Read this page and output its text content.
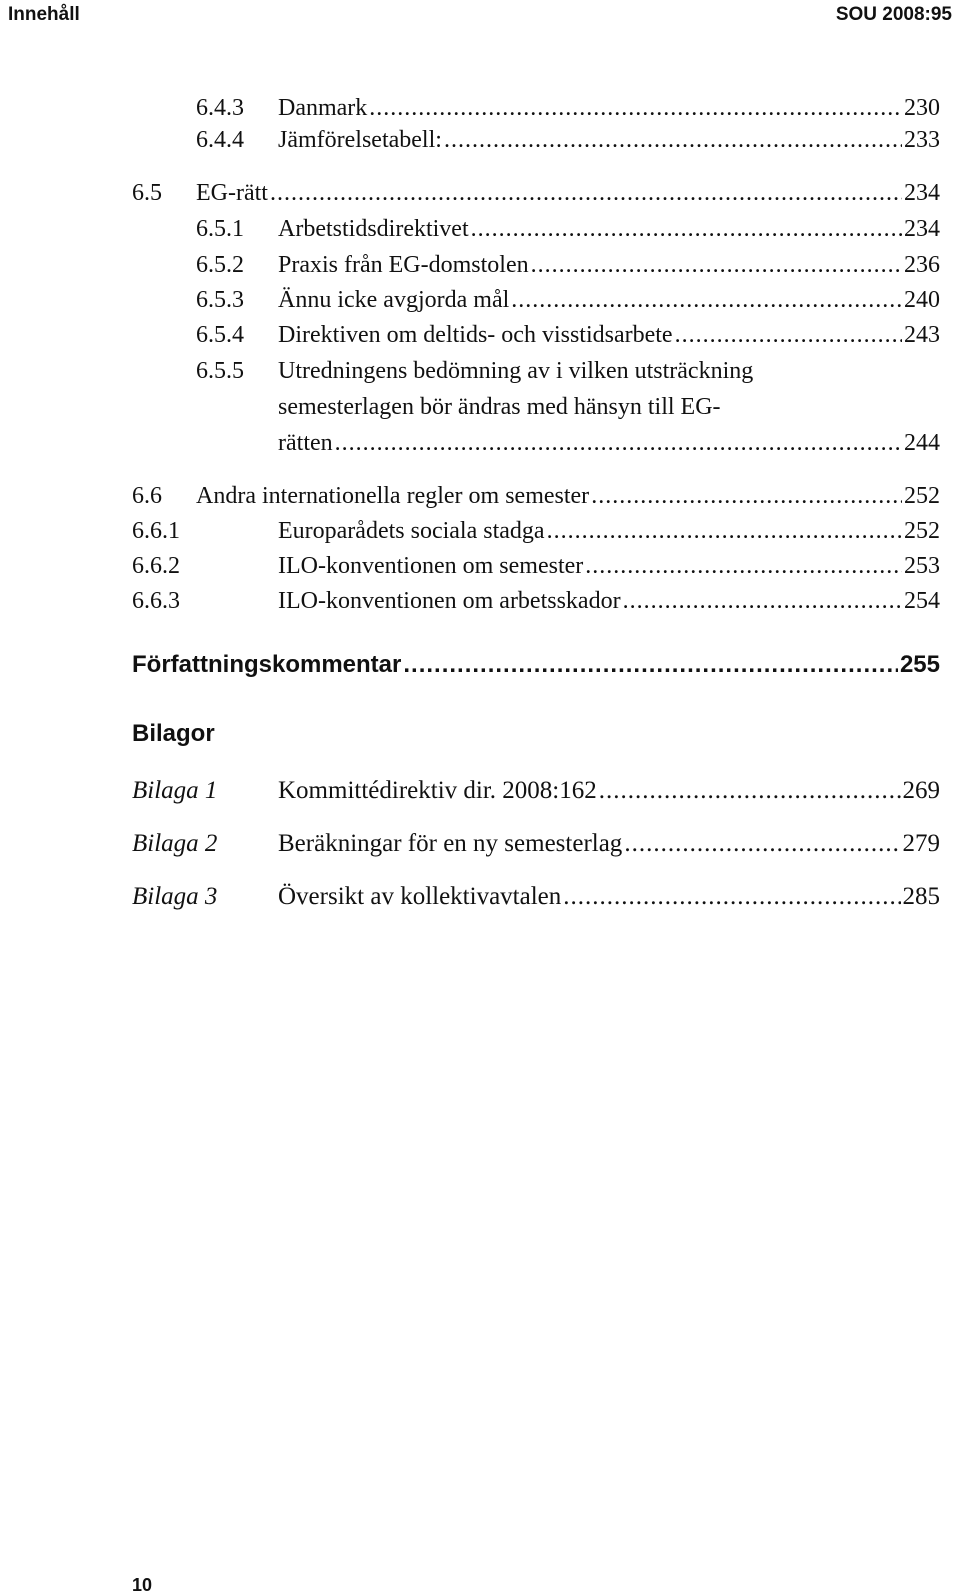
Innehåll	SOU 2008:95
6.4.3 Danmark .....	230
6.4.4 Jämförelsetabell: .....	233
6.5 EG-rätt .....	234
6.5.1 Arbetstidsdirektivet .....	234
6.5.2 Praxis från EG-domstolen .....	236
6.5.3 Ännu icke avgjorda mål .....	240
6.5.4 Direktiven om deltids- och visstidsarbete .....	243
6.5.5 Utredningens bedömning av i vilken utsträckning
semesterlagen bör ändras med hänsyn till EG-
rätten .....	244
6.6 Andra internationella regler om semester .....	252
6.6.1	Europarådets sociala stadga .....	252
6.6.2	ILO-konventionen om semester .....	253
6.6.3	ILO-konventionen om arbetsskador .....	254
Författningskommentar .....	255
Bilagor
Bilaga 1 Kommittédirektiv dir. 2008:162 .....	269
Bilaga 2 Beräkningar för en ny semesterlag .....	279
Bilaga 3 Översikt av kollektivavtalen .....	285
10
